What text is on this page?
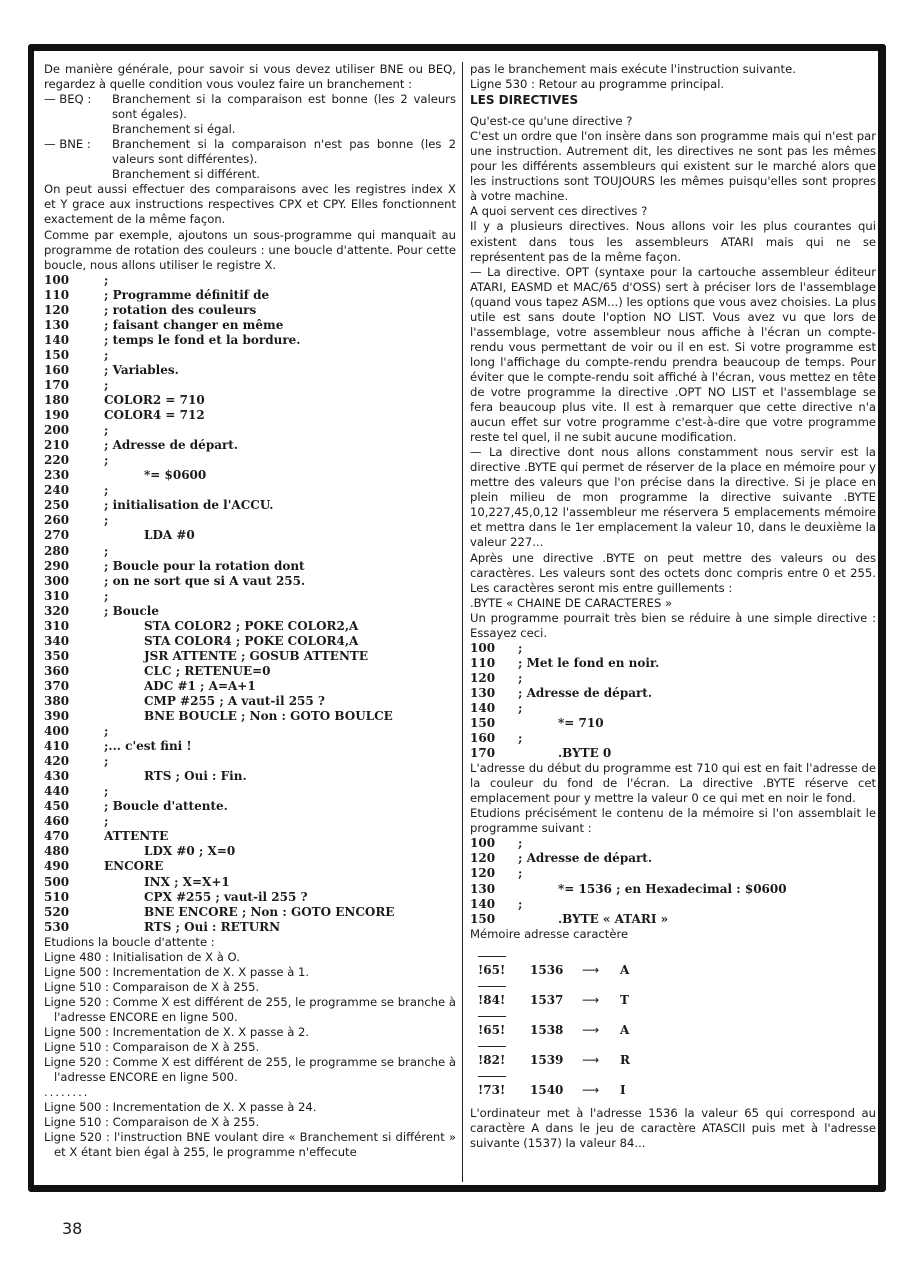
De manière générale, pour savoir si vous devez utiliser BNE ou BEQ, regardez à quelle condition vous voulez faire un branchement :

— BEQ :	Branchement si la comparaison est bonne (les 2 valeurs sont égales).

Branchement si égal.

— BNE :	Branchement si la comparaison n'est pas bonne (les 2 valeurs sont différentes).

Branchement si différent.

On peut aussi effectuer des comparaisons avec les registres index X et Y grace aux instructions respectives CPX et CPY. Elles fonctionnent exactement de la même façon.

Comme par exemple, ajoutons un sous-programme qui manquait au programme de rotation des couleurs : une boucle d'attente. Pour cette boucle, nous allons utiliser le registre X.

100	;
110	; Programme définitif de
120	; rotation des couleurs
130	; faisant changer en même
140	; temps le fond et la bordure.
150	;
160	; Variables.
170	;
180	COLOR2 = 710
190	COLOR4 = 712
200	;
210	; Adresse de départ.
220	;
230	*= $0600
240	;
250	; initialisation de l'ACCU.
260	;
270	LDA #0
280	;
290	; Boucle pour la rotation dont
300	; on ne sort que si A vaut 255.
310	;
320	; Boucle
310	STA COLOR2 ; POKE COLOR2,A
340	STA COLOR4 ; POKE COLOR4,A
350	JSR ATTENTE ; GOSUB ATTENTE
360	CLC ; RETENUE=0
370	ADC #1 ; A=A+1
380	CMP #255 ; A vaut-il 255 ?
390	BNE BOUCLE ; Non : GOTO BOULCE
400	;
410	;... c'est fini !
420	;
430	RTS ; Oui : Fin.
440	;
450	; Boucle d'attente.
460	;
470	ATTENTE
480	LDX #0 ; X=0
490	ENCORE
500	INX ; X=X+1
510	CPX #255 ; vaut-il 255 ?
520	BNE ENCORE ; Non : GOTO ENCORE
530	RTS ; Oui : RETURN

Etudions la boucle d'attente :

Ligne 480 : Initialisation de X à O.

Ligne 500 : Incrementation de X. X passe à 1.

Ligne 510 : Comparaison de X à 255.

Ligne 520 : Comme X est différent de 255, le programme se branche à l'adresse ENCORE en ligne 500.

Ligne 500 : Incrementation de X. X passe à 2.

Ligne 510 : Comparaison de X à 255.

Ligne 520 : Comme X est différent de 255, le programme se branche à l'adresse ENCORE en ligne 500.

........

Ligne 500 : Incrementation de X. X passe à 24.

Ligne 510 : Comparaison de X à 255.

Ligne 520 : l'instruction BNE voulant dire « Branchement si différent » et X étant bien égal à 255, le programme n'effecute

pas le branchement mais exécute l'instruction suivante.

Ligne 530 : Retour au programme principal.

LES DIRECTIVES

Qu'est-ce qu'une directive ?

C'est un ordre que l'on insère dans son programme mais qui n'est par une instruction. Autrement dit, les directives ne sont pas les mêmes pour les différents assembleurs qui existent sur le marché alors que les instructions sont TOUJOURS les mêmes puisqu'elles sont propres à votre machine.

A quoi servent ces directives ?

Il y a plusieurs directives. Nous allons voir les plus courantes qui existent dans tous les assembleurs ATARI mais qui ne se représentent pas de la même façon.

— La directive. OPT (syntaxe pour la cartouche assembleur éditeur ATARI, EASMD et MAC/65 d'OSS) sert à préciser lors de l'assemblage (quand vous tapez ASM...) les options que vous avez choisies. La plus utile est sans doute l'option NO LIST. Vous avez vu que lors de l'assemblage, votre assembleur nous affiche à l'écran un compte-rendu vous permettant de voir ou il en est. Si votre programme est long l'affichage du compte-rendu prendra beaucoup de temps. Pour éviter que le compte-rendu soit affiché à l'écran, vous mettez en tête de votre programme la directive .OPT NO LIST et l'assemblage se fera beaucoup plus vite. Il est à remarquer que cette directive n'a aucun effet sur votre programme c'est-à-dire que votre programme reste tel quel, il ne subit aucune modification.

— La directive dont nous allons constamment nous servir est la directive .BYTE qui permet de réserver de la place en mémoire pour y mettre des valeurs que l'on précise dans la directive. Si je place en plein milieu de mon programme la directive suivante .BYTE 10,227,45,0,12 l'assembleur me réservera 5 emplacements mémoire et mettra dans le 1er emplacement la valeur 10, dans le deuxième la valeur 227...

Après une directive .BYTE on peut mettre des valeurs ou des caractères. Les valeurs sont des octets donc compris entre 0 et 255. Les caractères seront mis entre guillements :

.BYTE « CHAINE DE CARACTERES »

Un programme pourrait très bien se réduire à une simple directive : Essayez ceci.

100 ;
110 ; Met le fond en noir.
120 ;
130 ; Adresse de départ.
140 ;
150	*= 710
160 ;
170	.BYTE 0

L'adresse du début du programme est 710 qui est en fait l'adresse de la couleur du fond de l'écran. La directive .BYTE réserve cet emplacement pour y mettre la valeur 0 ce qui met en noir le fond.

Etudions précisément le contenu de la mémoire si l'on assemblait le programme suivant :

100 ;
120 ; Adresse de départ.
120 ;
130	*= 1536 ; en Hexadecimal : $0600
140 ;
150	.BYTE « ATARI »

Mémoire adresse caractère

!65! 1536 ⟶ A
!84! 1537 ⟶ T
!65! 1538 ⟶ A
!82! 1539 ⟶ R
!73! 1540 ⟶ I

L'ordinateur met à l'adresse 1536 la valeur 65 qui correspond au caractère A dans le jeu de caractère ATASCII puis met à l'adresse suivante (1537) la valeur 84...

38
